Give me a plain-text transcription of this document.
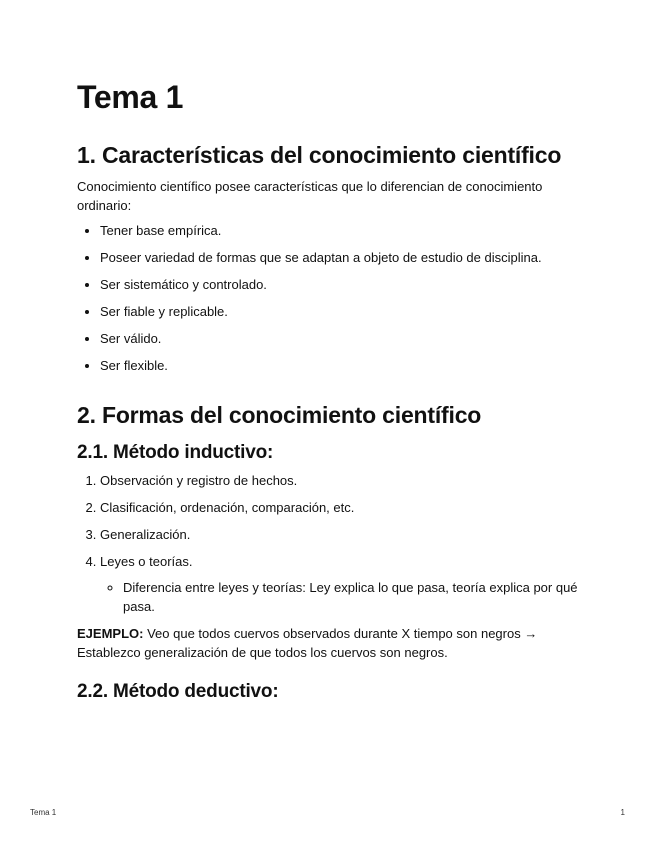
Tema 1
1. Características del conocimiento científico

Conocimiento científico posee características que lo diferencian de conocimiento ordinario:

• Tener base empírica.
• Poseer variedad de formas que se adaptan a objeto de estudio de disciplina.
• Ser sistemático y controlado.
• Ser fiable y replicable.
• Ser válido.
• Ser flexible.
2. Formas del conocimiento científico
2.1. Método inductivo:
1. Observación y registro de hechos.
2. Clasificación, ordenación, comparación, etc.
3. Generalización.
4. Leyes o teorías.
◦ Diferencia entre leyes y teorías: Ley explica lo que pasa, teoría explica por qué pasa.

EJEMPLO: Veo que todos cuervos observados durante X tiempo son negros → Establezco generalización de que todos los cuervos son negros.

2.2. Método deductivo:
Tema 1	1
